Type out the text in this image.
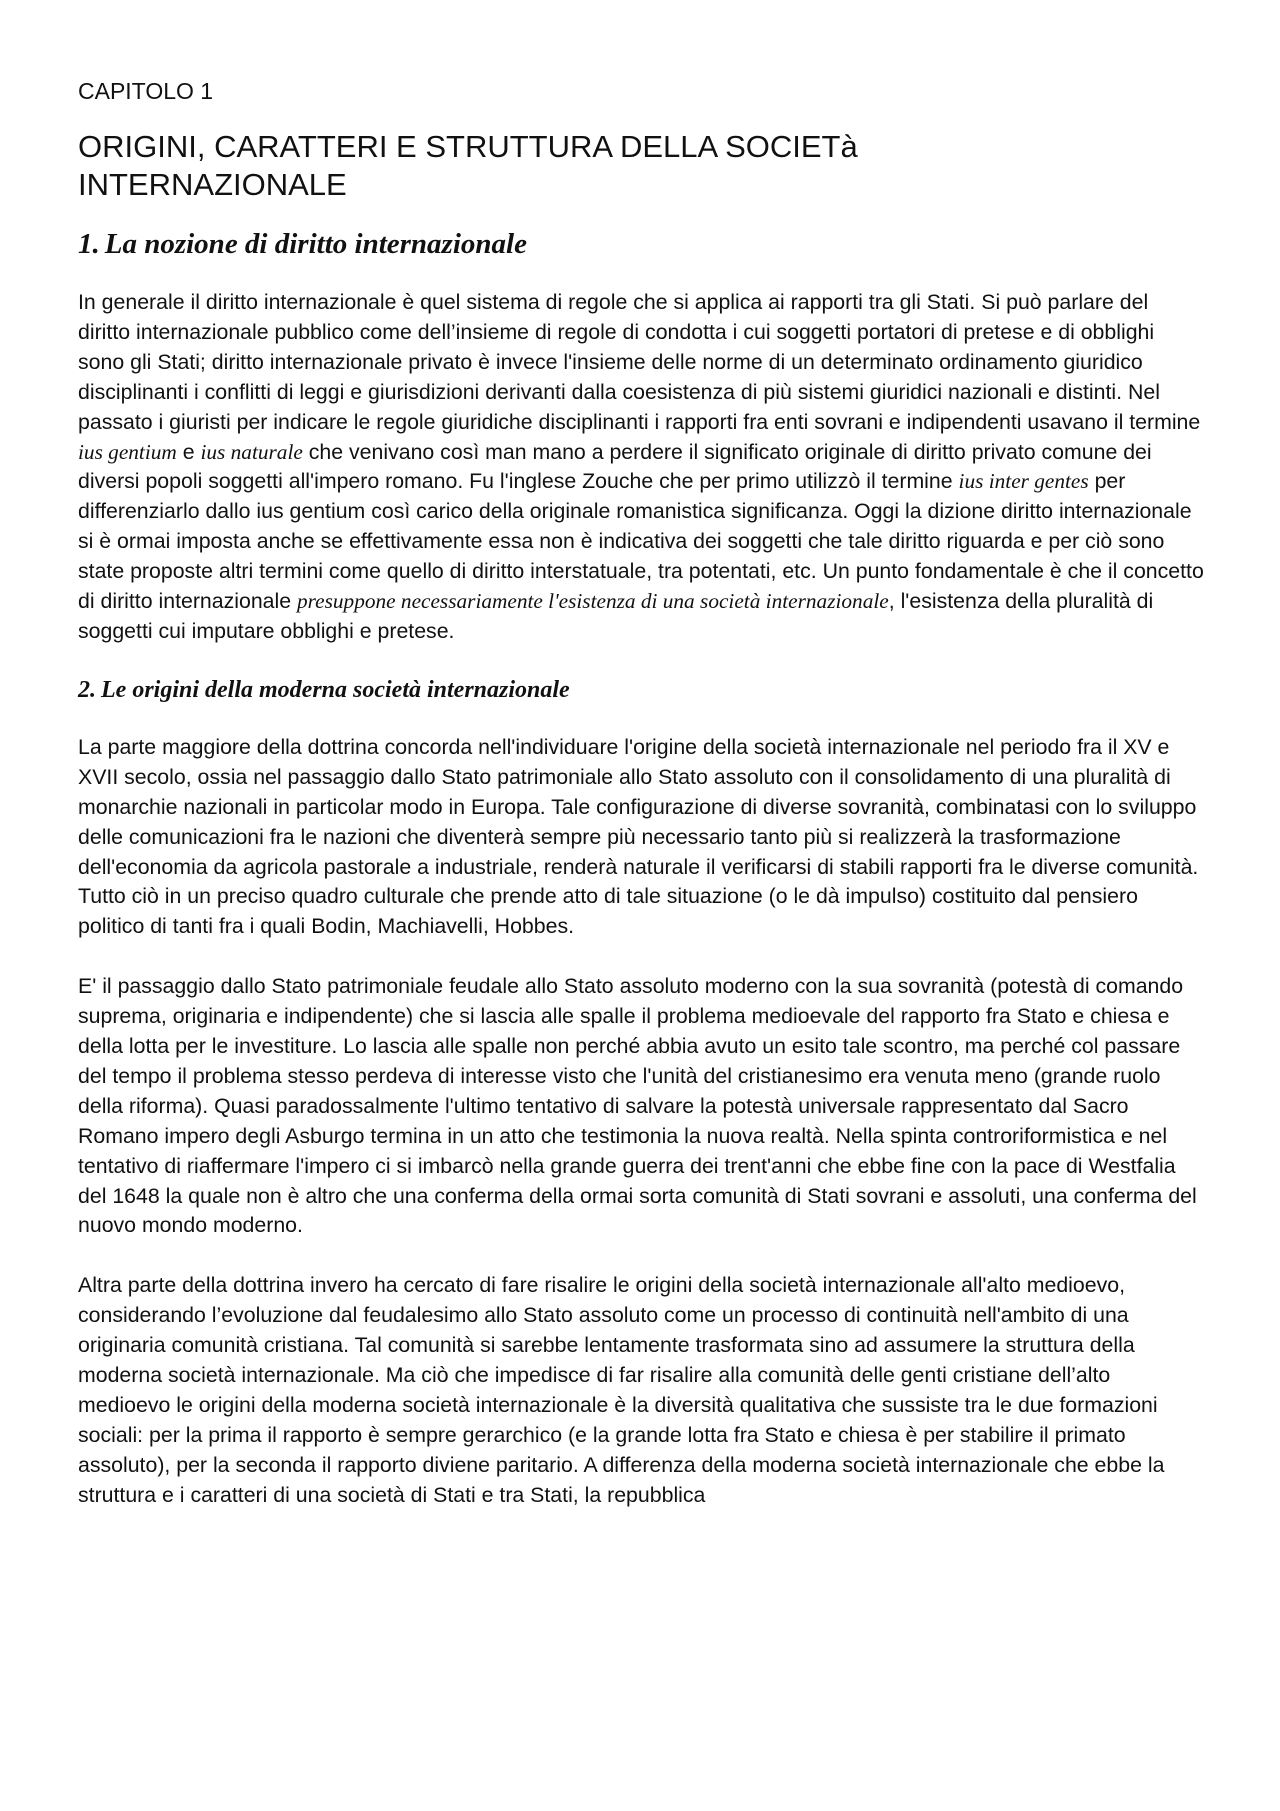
CAPITOLO 1
ORIGINI, CARATTERI E STRUTTURA DELLA SOCIETà
INTERNAZIONALE
1. La nozione di diritto internazionale

In generale il diritto internazionale è quel sistema di regole che si applica ai rapporti tra gli Stati. Si può parlare del diritto internazionale pubblico come dell’insieme di regole di condotta i cui soggetti portatori di pretese e di obblighi sono gli Stati; diritto internazionale privato è invece l'insieme delle norme di un determinato ordinamento giuridico disciplinanti i conflitti di leggi e giurisdizioni derivanti dalla coesistenza di più sistemi giuridici nazionali e distinti. Nel passato i giuristi per indicare le regole giuridiche disciplinanti i rapporti fra enti sovrani e indipendenti usavano il termine ius gentium e ius naturale che venivano così man mano a perdere il significato originale di diritto privato comune dei diversi popoli soggetti all'impero romano. Fu l'inglese Zouche che per primo utilizzò il termine ius inter gentes per differenziarlo dallo ius gentium così carico della originale romanistica significanza. Oggi la dizione diritto internazionale si è ormai imposta anche se effettivamente essa non è indicativa dei soggetti che tale diritto riguarda e per ciò sono state proposte altri termini come quello di diritto interstatuale, tra potentati, etc. Un punto fondamentale è che il concetto di diritto internazionale presuppone necessariamente l'esistenza di una società internazionale, l'esistenza della pluralità di soggetti cui imputare obblighi e pretese.

2. Le origini della moderna società internazionale

La parte maggiore della dottrina concorda nell'individuare l'origine della società internazionale nel periodo fra il XV e XVII secolo, ossia nel passaggio dallo Stato patrimoniale allo Stato assoluto con il consolidamento di una pluralità di monarchie nazionali in particolar modo in Europa. Tale configurazione di diverse sovranità, combinatasi con lo sviluppo delle comunicazioni fra le nazioni che diventerà sempre più necessario tanto più si realizzerà la trasformazione dell'economia da agricola pastorale a industriale, renderà naturale il verificarsi di stabili rapporti fra le diverse comunità. Tutto ciò in un preciso quadro culturale che prende atto di tale situazione (o le dà impulso) costituito dal pensiero politico di tanti fra i quali Bodin, Machiavelli, Hobbes.

E' il passaggio dallo Stato patrimoniale feudale allo Stato assoluto moderno con la sua sovranità (potestà di comando suprema, originaria e indipendente) che si lascia alle spalle il problema medioevale del rapporto fra Stato e chiesa e della lotta per le investiture. Lo lascia alle spalle non perché abbia avuto un esito tale scontro, ma perché col passare del tempo il problema stesso perdeva di interesse visto che l'unità del cristianesimo era venuta meno (grande ruolo della riforma). Quasi paradossalmente l'ultimo tentativo di salvare la potestà universale rappresentato dal Sacro Romano impero degli Asburgo termina in un atto che testimonia la nuova realtà. Nella spinta controriformistica e nel tentativo di riaffermare l'impero ci si imbarcò nella grande guerra dei trent'anni che ebbe fine con la pace di Westfalia del 1648 la quale non è altro che una conferma della ormai sorta comunità di Stati sovrani e assoluti, una conferma del nuovo mondo moderno.

Altra parte della dottrina invero ha cercato di fare risalire le origini della società internazionale all'alto medioevo, considerando l’evoluzione dal feudalesimo allo Stato assoluto come un processo di continuità nell'ambito di una originaria comunità cristiana. Tal comunità si sarebbe lentamente trasformata sino ad assumere la struttura della moderna società internazionale. Ma ciò che impedisce di far risalire alla comunità delle genti cristiane dell’alto medioevo le origini della moderna società internazionale è la diversità qualitativa che sussiste tra le due formazioni sociali: per la prima il rapporto è sempre gerarchico (e la grande lotta fra Stato e chiesa è per stabilire il primato assoluto), per la seconda il rapporto diviene paritario. A differenza della moderna società internazionale che ebbe la struttura e i caratteri di una società di Stati e tra Stati, la repubblica
